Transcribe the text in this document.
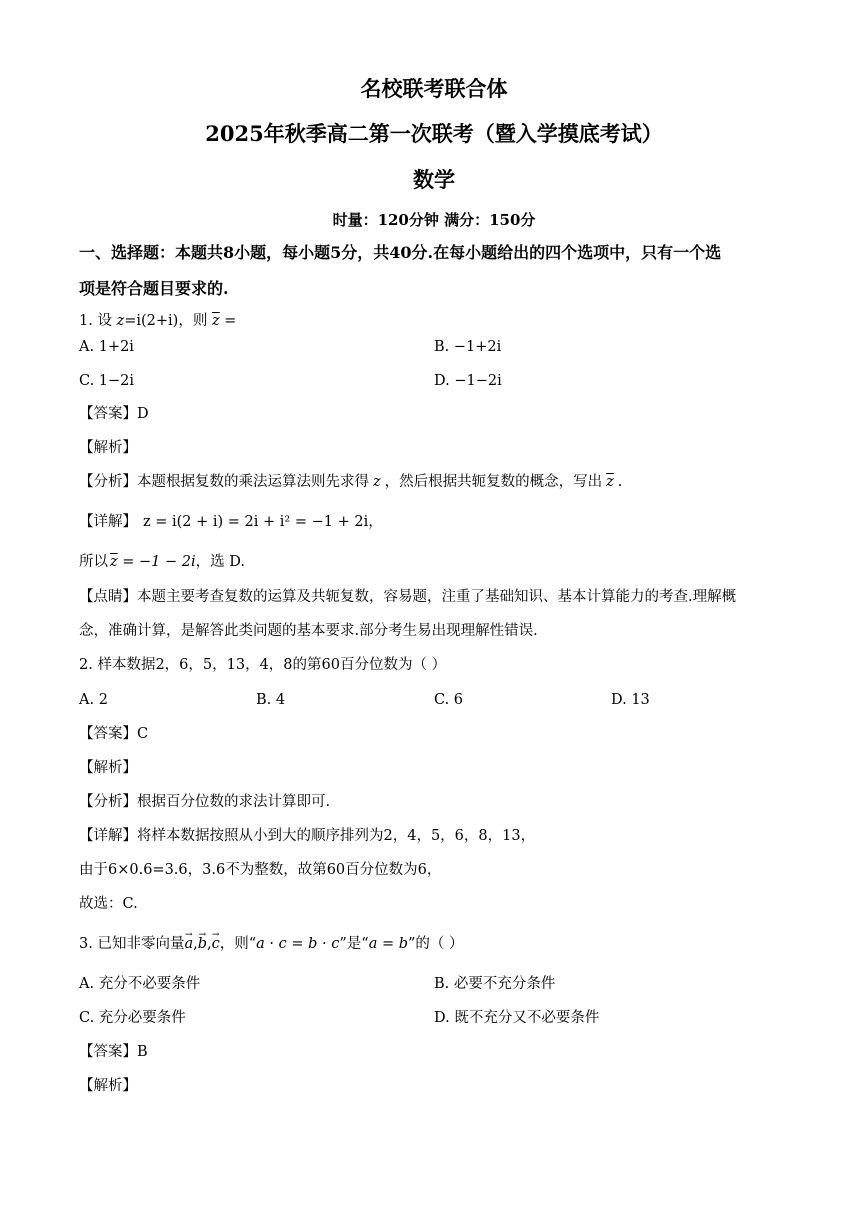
名校联考联合体
2025年秋季高二第一次联考（暨入学摸底考试）
数学
时量：120分钟 满分：150分
一、选择题：本题共8小题，每小题5分，共40分.在每小题给出的四个选项中，只有一个选
项是符合题目要求的.
1. 设 z=i(2+i)，则 $\overline{z}$ =
A. 1+2i	B. −1+2i
C. 1−2i	D. −1−2i
【答案】D
【解析】
【分析】本题根据复数的乘法运算法则先求得 z ，然后根据共轭复数的概念，写出 $\overline{z}$ .
【详解】 z = i(2 + i) = 2i + i² = −1 + 2i，
所以 $\overline{z} = -1 - 2i$，选 D.
【点睛】本题主要考查复数的运算及共轭复数，容易题，注重了基础知识、基本计算能力的考查.理解概
念，准确计算，是解答此类问题的基本要求.部分考生易出现理解性错误.
2. 样本数据2，6，5，13，4，8的第60百分位数为（ ）
A. 2	B. 4	C. 6	D. 13
【答案】C
【解析】
【分析】根据百分位数的求法计算即可.
【详解】将样本数据按照从小到大的顺序排列为2，4，5，6，8，13，
由于6×0.6=3.6，3.6不为整数，故第60百分位数为6，
故选：C.
3. 已知非零向量→ a,→ b,→ c，则“a · c = b · c”是“a = b”的（ ）
A. 充分不必要条件	B. 必要不充分条件
C. 充分必要条件	D. 既不充分又不必要条件
【答案】B
【解析】
